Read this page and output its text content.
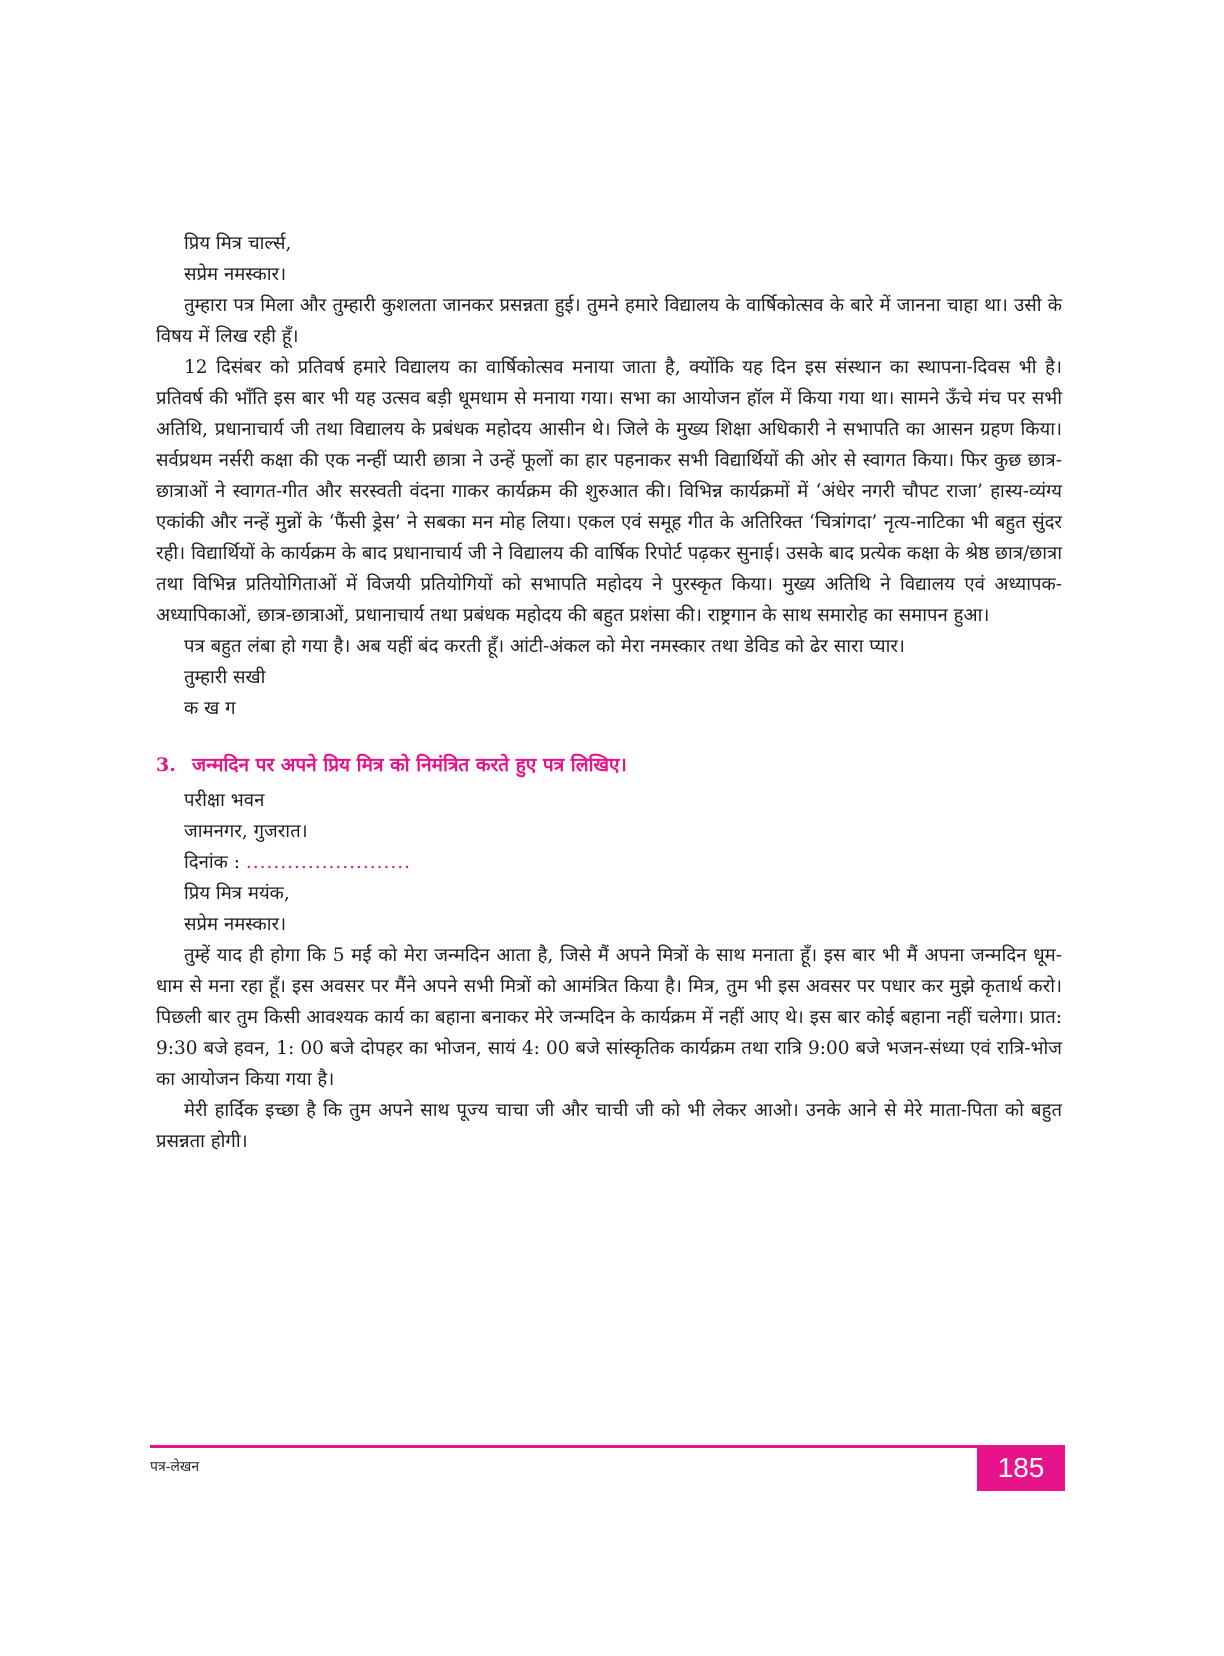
प्रिय मित्र चार्ल्स,
सप्रेम नमस्कार।

तुम्हारा पत्र मिला और तुम्हारी कुशलता जानकर प्रसन्नता हुई। तुमने हमारे विद्यालय के वार्षिकोत्सव के बारे में जानना चाहा था। उसी के विषय में लिख रही हूँ।

12 दिसंबर को प्रतिवर्ष हमारे विद्यालय का वार्षिकोत्सव मनाया जाता है, क्योंकि यह दिन इस संस्थान का स्थापना-दिवस भी है। प्रतिवर्ष की भाँति इस बार भी यह उत्सव बड़ी धूमधाम से मनाया गया। सभा का आयोजन हॉल में किया गया था। सामने ऊँचे मंच पर सभी अतिथि, प्रधानाचार्य जी तथा विद्यालय के प्रबंधक महोदय आसीन थे। जिले के मुख्य शिक्षा अधिकारी ने सभापति का आसन ग्रहण किया। सर्वप्रथम नर्सरी कक्षा की एक नन्हीं प्यारी छात्रा ने उन्हें फूलों का हार पहनाकर सभी विद्यार्थियों की ओर से स्वागत किया। फिर कुछ छात्र-छात्राओं ने स्वागत-गीत और सरस्वती वंदना गाकर कार्यक्रम की शुरुआत की। विभिन्न कार्यक्रमों में ‘अंधेर नगरी चौपट राजा’ हास्य-व्यंग्य एकांकी और नन्हें मुन्नों के ‘फैंसी ड्रेस’ ने सबका मन मोह लिया। एकल एवं समूह गीत के अतिरिक्त ‘चित्रांगदा’ नृत्य-नाटिका भी बहुत सुंदर रही। विद्यार्थियों के कार्यक्रम के बाद प्रधानाचार्य जी ने विद्यालय की वार्षिक रिपोर्ट पढ़कर सुनाई। उसके बाद प्रत्येक कक्षा के श्रेष्ठ छात्र/छात्रा तथा विभिन्न प्रतियोगिताओं में विजयी प्रतियोगियों को सभापति महोदय ने पुरस्कृत किया। मुख्य अतिथि ने विद्यालय एवं अध्यापक-अध्यापिकाओं, छात्र-छात्राओं, प्रधानाचार्य तथा प्रबंधक महोदय की बहुत प्रशंसा की। राष्ट्रगान के साथ समारोह का समापन हुआ।

पत्र बहुत लंबा हो गया है। अब यहीं बंद करती हूँ। आंटी-अंकल को मेरा नमस्कार तथा डेविड को ढेर सारा प्यार।

तुम्हारी सखी
क ख ग
3. जन्मदिन पर अपने प्रिय मित्र को निमंत्रित करते हुए पत्र लिखिए।
परीक्षा भवन
जामनगर, गुजरात।
दिनांक : ........................
प्रिय मित्र मयंक,
सप्रेम नमस्कार।

तुम्हें याद ही होगा कि 5 मई को मेरा जन्मदिन आता है, जिसे मैं अपने मित्रों के साथ मनाता हूँ। इस बार भी मैं अपना जन्मदिन धूम-धाम से मना रहा हूँ। इस अवसर पर मैंने अपने सभी मित्रों को आमंत्रित किया है। मित्र, तुम भी इस अवसर पर पधार कर मुझे कृतार्थ करो। पिछली बार तुम किसी आवश्यक कार्य का बहाना बनाकर मेरे जन्मदिन के कार्यक्रम में नहीं आए थे। इस बार कोई बहाना नहीं चलेगा। प्रात: 9:30 बजे हवन, 1: 00 बजे दोपहर का भोजन, सायं 4: 00 बजे सांस्कृतिक कार्यक्रम तथा रात्रि 9:00 बजे भजन-संध्या एवं रात्रि-भोज का आयोजन किया गया है।

मेरी हार्दिक इच्छा है कि तुम अपने साथ पूज्य चाचा जी और चाची जी को भी लेकर आओ। उनके आने से मेरे माता-पिता को बहुत प्रसन्नता होगी।

पत्र-लेखन	185
